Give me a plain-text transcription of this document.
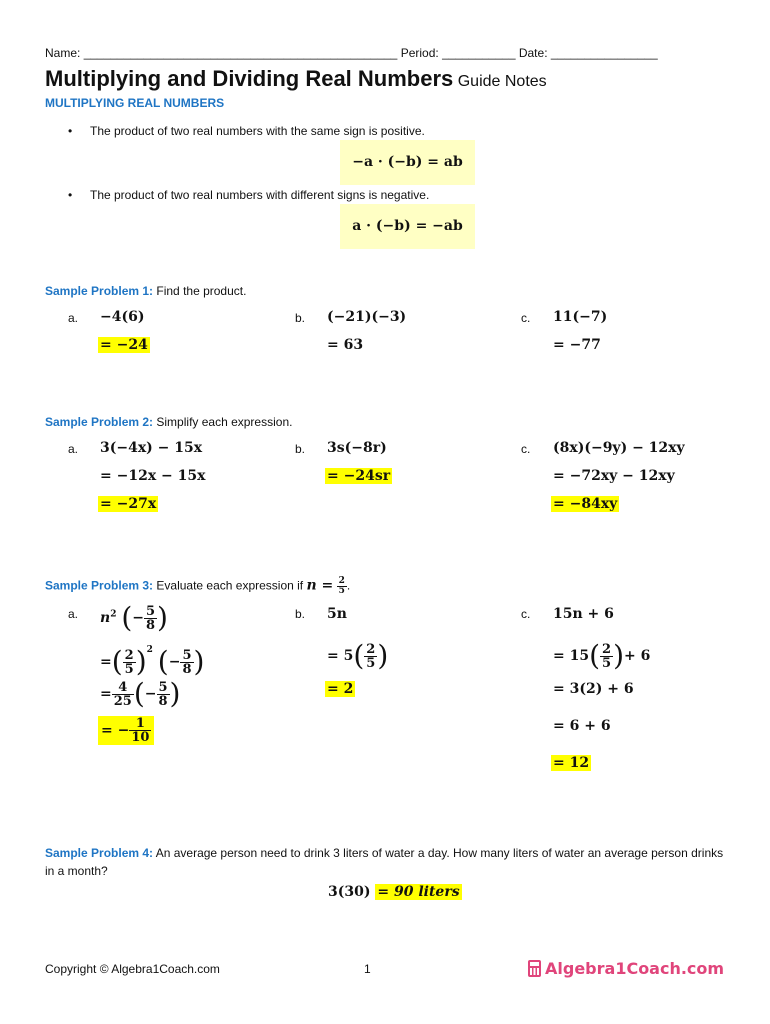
Name: _______________________________________________ Period: ___________ Date: ________________
Multiplying and Dividing Real Numbers Guide Notes
MULTIPLYING REAL NUMBERS
• The product of two real numbers with the same sign is positive.
−a · (−b) = ab
• The product of two real numbers with different signs is negative.
a · (−b) = −ab
Sample Problem 1: Find the product.
a. −4(6)
= −24
b. (−21)(−3)
= 63
c. 11(−7)
= −77
Sample Problem 2: Simplify each expression.
a. 3(−4x) − 15x
= −12x − 15x
= −27x
b. 3s(−8r)
= −24sr
c. (8x)(−9y) − 12xy
= −72xy − 12xy
= −84xy
Sample Problem 3: Evaluate each expression if $n = \frac{2}{5}$ .
a. $n^2$ (− $\frac{5}{8}$ )
=( $\frac{2}{5} )^2$ (− $\frac{5}{8}$ )
= $\frac{4}{25}$ (− $\frac{5}{8}$ )
= − $\frac{1}{10}$
b. 5n
= $5( \frac{2}{5}$ )
= 2
c. 15n + 6
= $15( \frac{2}{5}$ )+ 6
= 3(2) + 6
= 6 + 6
= 12
Sample Problem 4: An average person need to drink 3 liters of water a day. How many liters of water an average person drinks in a month?
3(30) = 90 liters
Copyright © Algebra1Coach.com	1	Algebra1Coach.com
